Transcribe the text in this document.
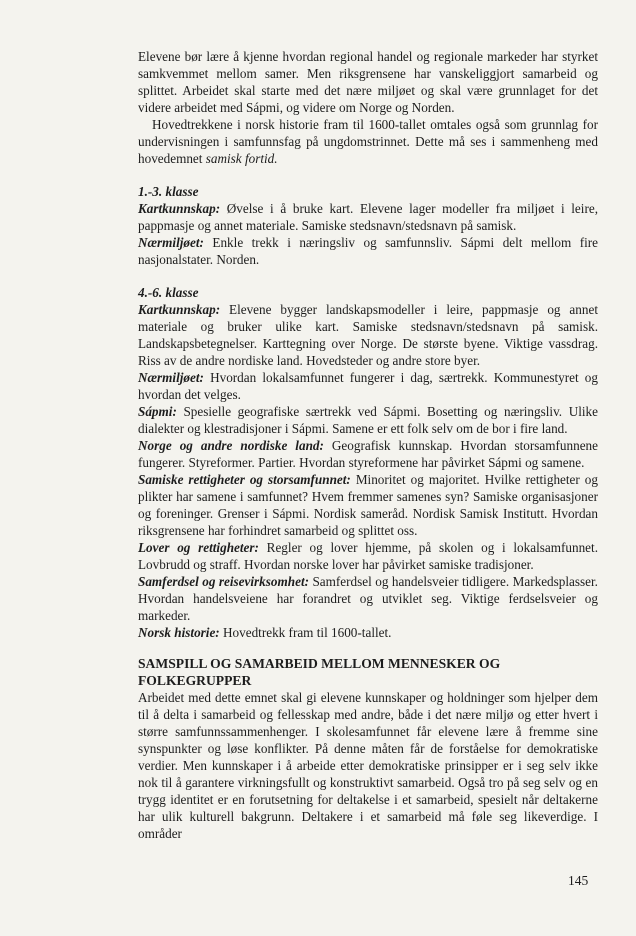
Elevene bør lære å kjenne hvordan regional handel og regionale markeder har styrket samkvemmet mellom samer. Men riksgrensene har vanskeliggjort samarbeid og splittet. Arbeidet skal starte med det nære miljøet og skal være grunnlaget for det videre arbeidet med Sápmi, og videre om Norge og Norden.

Hovedtrekkene i norsk historie fram til 1600-tallet omtales også som grunnlag for undervisningen i samfunnsfag på ungdomstrinnet. Dette må ses i sammenheng med hovedemnet samisk fortid.

1.-3. klasse

Kartkunnskap: Øvelse i å bruke kart. Elevene lager modeller fra miljøet i leire, pappmasje og annet materiale. Samiske stedsnavn/stedsnavn på samisk.

Nærmiljøet: Enkle trekk i næringsliv og samfunnsliv. Sápmi delt mellom fire nasjonalstater. Norden.

4.-6. klasse

Kartkunnskap: Elevene bygger landskapsmodeller i leire, pappmasje og annet materiale og bruker ulike kart. Samiske stedsnavn/stedsnavn på samisk. Landskapsbetegnelser. Karttegning over Norge. De største byene. Viktige vassdrag. Riss av de andre nordiske land. Hovedsteder og andre store byer.

Nærmiljøet: Hvordan lokalsamfunnet fungerer i dag, særtrekk. Kommunestyret og hvordan det velges.

Sápmi: Spesielle geografiske særtrekk ved Sápmi. Bosetting og næringsliv. Ulike dialekter og klestradisjoner i Sápmi. Samene er ett folk selv om de bor i fire land.

Norge og andre nordiske land: Geografisk kunnskap. Hvordan storsamfunnene fungerer. Styreformer. Partier. Hvordan styreformene har påvirket Sápmi og samene.

Samiske rettigheter og storsamfunnet: Minoritet og majoritet. Hvilke rettigheter og plikter har samene i samfunnet? Hvem fremmer samenes syn? Samiske organisasjoner og foreninger. Grenser i Sápmi. Nordisk sameråd. Nordisk Samisk Institutt. Hvordan riksgrensene har forhindret samarbeid og splittet oss.

Lover og rettigheter: Regler og lover hjemme, på skolen og i lokalsamfunnet. Lovbrudd og straff. Hvordan norske lover har påvirket samiske tradisjoner.

Samferdsel og reisevirksomhet: Samferdsel og handelsveier tidligere. Markedsplasser. Hvordan handelsveiene har forandret og utviklet seg. Viktige ferdselsveier og markeder.

Norsk historie: Hovedtrekk fram til 1600-tallet.

SAMSPILL OG SAMARBEID MELLOM MENNESKER OG FOLKEGRUPPER

Arbeidet med dette emnet skal gi elevene kunnskaper og holdninger som hjelper dem til å delta i samarbeid og fellesskap med andre, både i det nære miljø og etter hvert i større samfunnssammenhenger. I skolesamfunnet får elevene lære å fremme sine synspunkter og løse konflikter. På denne måten får de forståelse for demokratiske verdier. Men kunnskaper i å arbeide etter demokratiske prinsipper er i seg selv ikke nok til å garantere virkningsfullt og konstruktivt samarbeid. Også tro på seg selv og en trygg identitet er en forutsetning for deltakelse i et samarbeid, spesielt når deltakerne har ulik kulturell bakgrunn. Deltakere i et samarbeid må føle seg likeverdige. I områder

145
